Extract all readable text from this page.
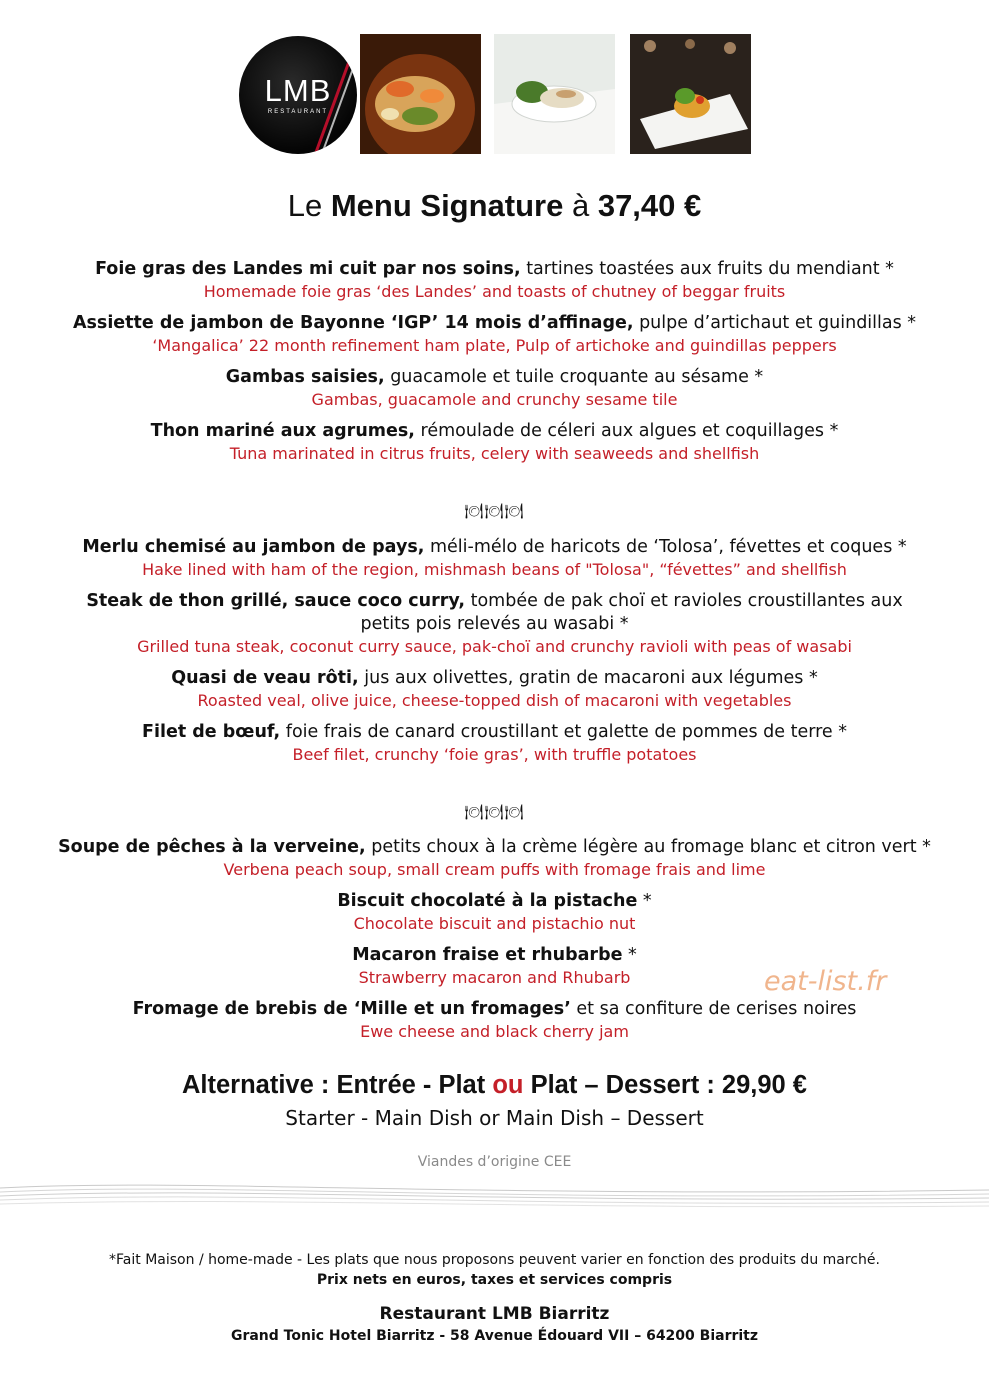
LMB
RESTAURANT
Le Menu Signature à 37,40 €
Foie gras des Landes mi cuit par nos soins, tartines toastées aux fruits du mendiant *
Homemade foie gras ‘des Landes’ and toasts of chutney of beggar fruits
Assiette de jambon de Bayonne ‘IGP’ 14 mois d’affinage, pulpe d’artichaut et guindillas *
‘Mangalica’ 22 month refinement ham plate, Pulp of artichoke and guindillas peppers
Gambas saisies, guacamole et tuile croquante au sésame *
Gambas, guacamole and crunchy sesame tile
Thon mariné aux agrumes, rémoulade de céleri aux algues et coquillages *
Tuna marinated in citrus fruits, celery with seaweeds and shellfish
🍽🍽🍽
Merlu chemisé au jambon de pays, méli-mélo de haricots de ‘Tolosa’, févettes et coques *
Hake lined with ham of the region, mishmash beans of "Tolosa", “févettes” and shellfish
Steak de thon grillé, sauce coco curry, tombée de pak choï et ravioles croustillantes aux petits pois relevés au wasabi *
Grilled tuna steak, coconut curry sauce, pak-choï and crunchy ravioli with peas of wasabi
Quasi de veau rôti, jus aux olivettes, gratin de macaroni aux légumes *
Roasted veal, olive juice, cheese-topped dish of macaroni with vegetables
Filet de bœuf, foie frais de canard croustillant et galette de pommes de terre *
Beef filet, crunchy ‘foie gras’, with truffle potatoes
🍽🍽🍽
Soupe de pêches à la verveine, petits choux à la crème légère au fromage blanc et citron vert *
Verbena peach soup, small cream puffs with fromage frais and lime
Biscuit chocolaté à la pistache *
Chocolate biscuit and pistachio nut
Macaron fraise et rhubarbe *
Strawberry macaron and Rhubarb
Fromage de brebis de ‘Mille et un fromages’ et sa confiture de cerises noires
Ewe cheese and black cherry jam
eat-list.fr
Alternative : Entrée - Plat ou Plat – Dessert : 29,90 €
Starter - Main Dish or Main Dish – Dessert
Viandes d’origine CEE
*Fait Maison / home-made - Les plats que nous proposons peuvent varier en fonction des produits du marché.
Prix nets en euros, taxes et services compris
Restaurant LMB Biarritz
Grand Tonic Hotel Biarritz - 58 Avenue Édouard VII – 64200 Biarritz
